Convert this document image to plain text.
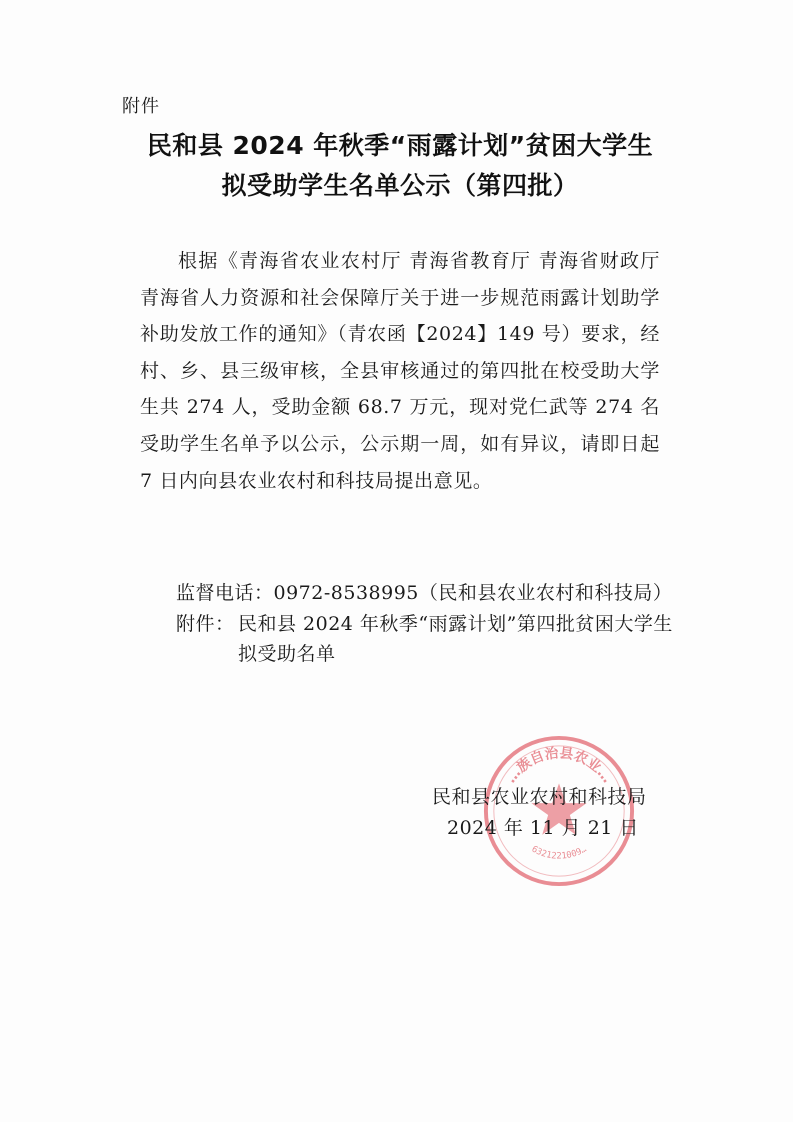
附件
民和县 2024 年秋季“雨露计划”贫困大学生
拟受助学生名单公示（第四批）
根据《青海省农业农村厅 青海省教育厅 青海省财政厅 青海省人力资源和社会保障厅关于进一步规范雨露计划助学补助发放工作的通知》（青农函【2024】149 号）要求，经村、乡、县三级审核，全县审核通过的第四批在校受助大学生共 274 人，受助金额 68.7 万元，现对党仁武等 274 名受助学生名单予以公示，公示期一周，如有异议，请即日起 7 日内向县农业农村和科技局提出意见。
监督电话：0972-8538995（民和县农业农村和科技局）
附件： 民和县 2024 年秋季“雨露计划”第四批贫困大学生拟受助名单
…族自治县农业…
6321221009…
民和县农业农村和科技局
2024 年 11 月 21 日
